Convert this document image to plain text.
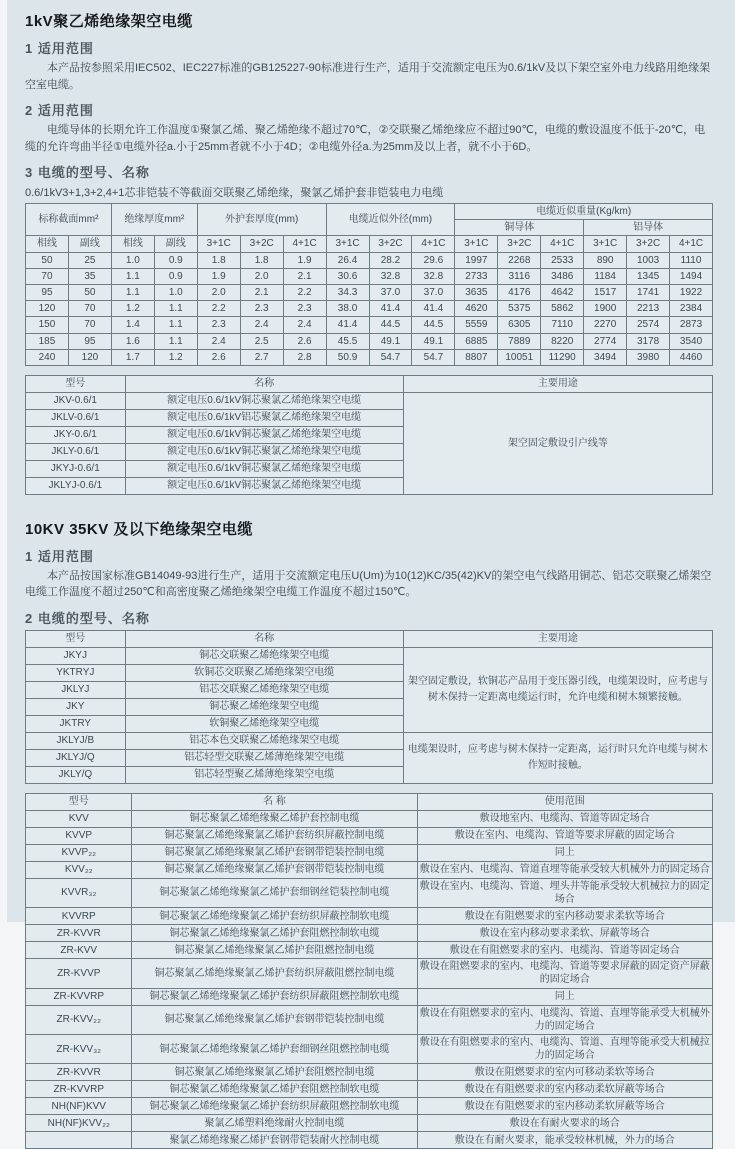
1kV聚乙烯绝缘架空电缆
1 适用范围

本产品按参照采用IEC502、IEC227标准的GB125227-90标准进行生产，适用于交流额定电压为0.6/1kV及以下架空室外电力线路用绝缘架空室电缆。

2 适用范围

电缆导体的长期允许工作温度①聚氯乙烯、聚乙烯绝缘不超过70℃，②交联聚乙烯绝缘应不超过90℃，电缆的敷设温度不低于-20℃，电缆的允许弯曲半径①电缆外径a.小于25mm者就不小于4D；②电缆外径a.为25mm及以上者，就不小于6D。

3 电缆的型号、名称
0.6/1kV3+1,3+2,4+1芯非铠装不等截面交联聚乙烯绝缘，聚氯乙烯护套非铠装电力电缆
标称截面mm²		绝缘厚度mm²		外护套厚度(mm)			电缆近似外径(mm)			电缆近似重量(Kg/km)					
										铜导体			铝导体		
相线	副线	相线	副线	3+1C	3+2C	4+1C	3+1C	3+2C	4+1C	3+1C	3+2C	4+1C	3+1C	3+2C	4+1C
50	25	1.0	0.9	1.8	1.8	1.9	26.4	28.2	29.6	1997	2268	2533	890	1003	1110
70	35	1.1	0.9	1.9	2.0	2.1	30.6	32.8	32.8	2733	3116	3486	1184	1345	1494
95	50	1.1	1.0	2.0	2.1	2.2	34.3	37.0	37.0	3635	4176	4642	1517	1741	1922
120	70	1.2	1.1	2.2	2.3	2.3	38.0	41.4	41.4	4620	5375	5862	1900	2213	2384
150	70	1.4	1.1	2.3	2.4	2.4	41.4	44.5	44.5	5559	6305	7110	2270	2574	2873
185	95	1.6	1.1	2.4	2.5	2.6	45.5	49.1	49.1	6885	7889	8220	2774	3178	3540
240	120	1.7	1.2	2.6	2.7	2.8	50.9	54.7	54.7	8807	10051	11290	3494	3980	4460
型号	名称	主要用途
JKV-0.6/1	额定电压0.6/1kV铜芯聚氯乙烯绝缘架空电缆	架空固定敷设引户线等
JKLV-0.6/1	额定电压0.6/1kV铝芯聚氯乙烯绝缘架空电缆	
JKY-0.6/1	额定电压0.6/1kV铜芯聚氯乙烯绝缘架空电缆	
JKLY-0.6/1	额定电压0.6/1kV铜芯聚氯乙烯绝缘架空电缆	
JKYJ-0.6/1	额定电压0.6/1kV铜芯聚氯乙烯绝缘架空电缆	
JKLYJ-0.6/1	额定电压0.6/1kV铜芯聚氯乙烯绝缘架空电缆	
10KV 35KV 及以下绝缘架空电缆
1 适用范围

本产品按国家标准GB14049-93进行生产，适用于交流额定电压U(Um)为10(12)KC/35(42)KV的架空电气线路用铜芯、铝芯交联聚乙烯架空电缆工作温度不超过250℃和高密度聚乙烯绝缘架空电缆工作温度不超过150℃。

2 电缆的型号、名称
型号	名称	主要用途
JKYJ	铜芯交联聚乙烯绝缘架空电缆	架空固定敷设，软铜芯产品用于变压器引线，电缆架设时，应考虑与树木保持一定距离电缆运行时，允许电缆和树木频繁接触。
YKTRYJ	软铜芯交联聚乙烯绝缘架空电缆	
JKLYJ	铝芯交联聚乙烯绝缘架空电缆	
JKY	铜芯聚乙烯绝缘架空电缆	
JKTRY	软铜聚乙烯绝缘架空电缆	
JKLYJ/B	铝芯本色交联聚乙烯绝缘架空电缆	电缆架设时，应考虑与树木保持一定距离，运行时只允许电缆与树木作短时接触。
JKLYJ/Q	铝芯轻型交联聚乙烯薄绝缘架空电缆	
JKLY/Q	铝芯轻型聚乙烯薄绝缘架空电缆	
型号	名 称	使用范围
KVV	铜芯聚氯乙烯绝缘聚乙烯护套控制电缆	敷设地室内、电缆沟、管道等固定场合
KVVP	铜芯聚氯乙烯绝缘聚氯乙烯护套纺织屏蔽控制电缆	敷设在室内、电缆沟、管道等要求屏蔽的固定场合
KVVP₂₂	铜芯聚氯乙烯绝缘聚氯乙烯护套钢带铠装控制电缆	同上
KVV₂₂	铜芯聚氯乙烯绝缘聚氯乙烯护套钢带铠装控制电缆	敷设在室内、电缆沟、管道直埋等能承受较大机械外力的固定场合
KVVR₃₂	铜芯聚氯乙烯绝缘聚氯乙烯护套细钢丝铠装控制电缆	敷设在室内、电缆沟、管道、埋头井等能承受较大机械拉力的固定场合
KVVRP	铜芯聚氯乙烯绝缘聚氯乙烯护套纺织屏蔽控制软电缆	敷设在有阻燃要求的室内移动要求柔软等场合
ZR-KVVR	铜芯聚氯乙烯绝缘聚氯乙烯护套阻燃控制软电缆	敷设在室内移动要求柔软、屏蔽等场合
ZR-KVV	铜芯聚氯乙烯绝缘聚氯乙烯护套阻燃控制电缆	敷设在有阻燃要求的室内、电缆沟、管道等固定场合
ZR-KVVP	铜芯聚氯乙烯绝缘聚氯乙烯护套纺织屏蔽阻燃控制电缆	敷设在阻燃要求的室内、电缆沟、管道等要求屏蔽的固定资产屏蔽的固定场合
ZR-KVVRP	铜芯聚氯乙烯绝缘聚氯乙烯护套纺织屏蔽阻燃控制软电缆	同上
ZR-KVV₂₂	铜芯聚氯乙烯绝缘聚氯乙烯护套钢带铠装控制电缆	敷设在有阻燃要求的室内、电缆沟、管道、直埋等能承受大机械外力的固定场合
ZR-KVV₃₂	铜芯聚氯乙烯绝缘聚氯乙烯护套细钢丝阻燃控制电缆	敷设在有阻燃要求的室内、电缆沟、管道、直埋等能承受大机械拉力的固定场合
ZR-KVVR	铜芯聚氯乙烯绝缘聚氯乙烯护套阻燃控制电缆	敷设在阻燃要求的室内可移动柔软等场合
ZR-KVVRP	铜芯聚氯乙烯绝缘聚氯乙烯护套阻燃控制软电缆	敷设在有阻燃要求的室内移动柔软屏蔽等场合
NH(NF)KVV	铜芯聚氯乙烯绝缘聚氯乙烯护套纺织屏蔽阻燃控制软电缆	敷设在有阻燃要求的室内移动柔软屏蔽等场合
NH(NF)KVV₂₂	聚氯乙烯塑料绝缘耐火控制电缆	敷设在有耐火要求的场合
	聚氯乙烯绝缘聚乙烯护套钢带铠装耐火控制电缆	敷设在有耐火要求，能承受较林机械，外力的场合
